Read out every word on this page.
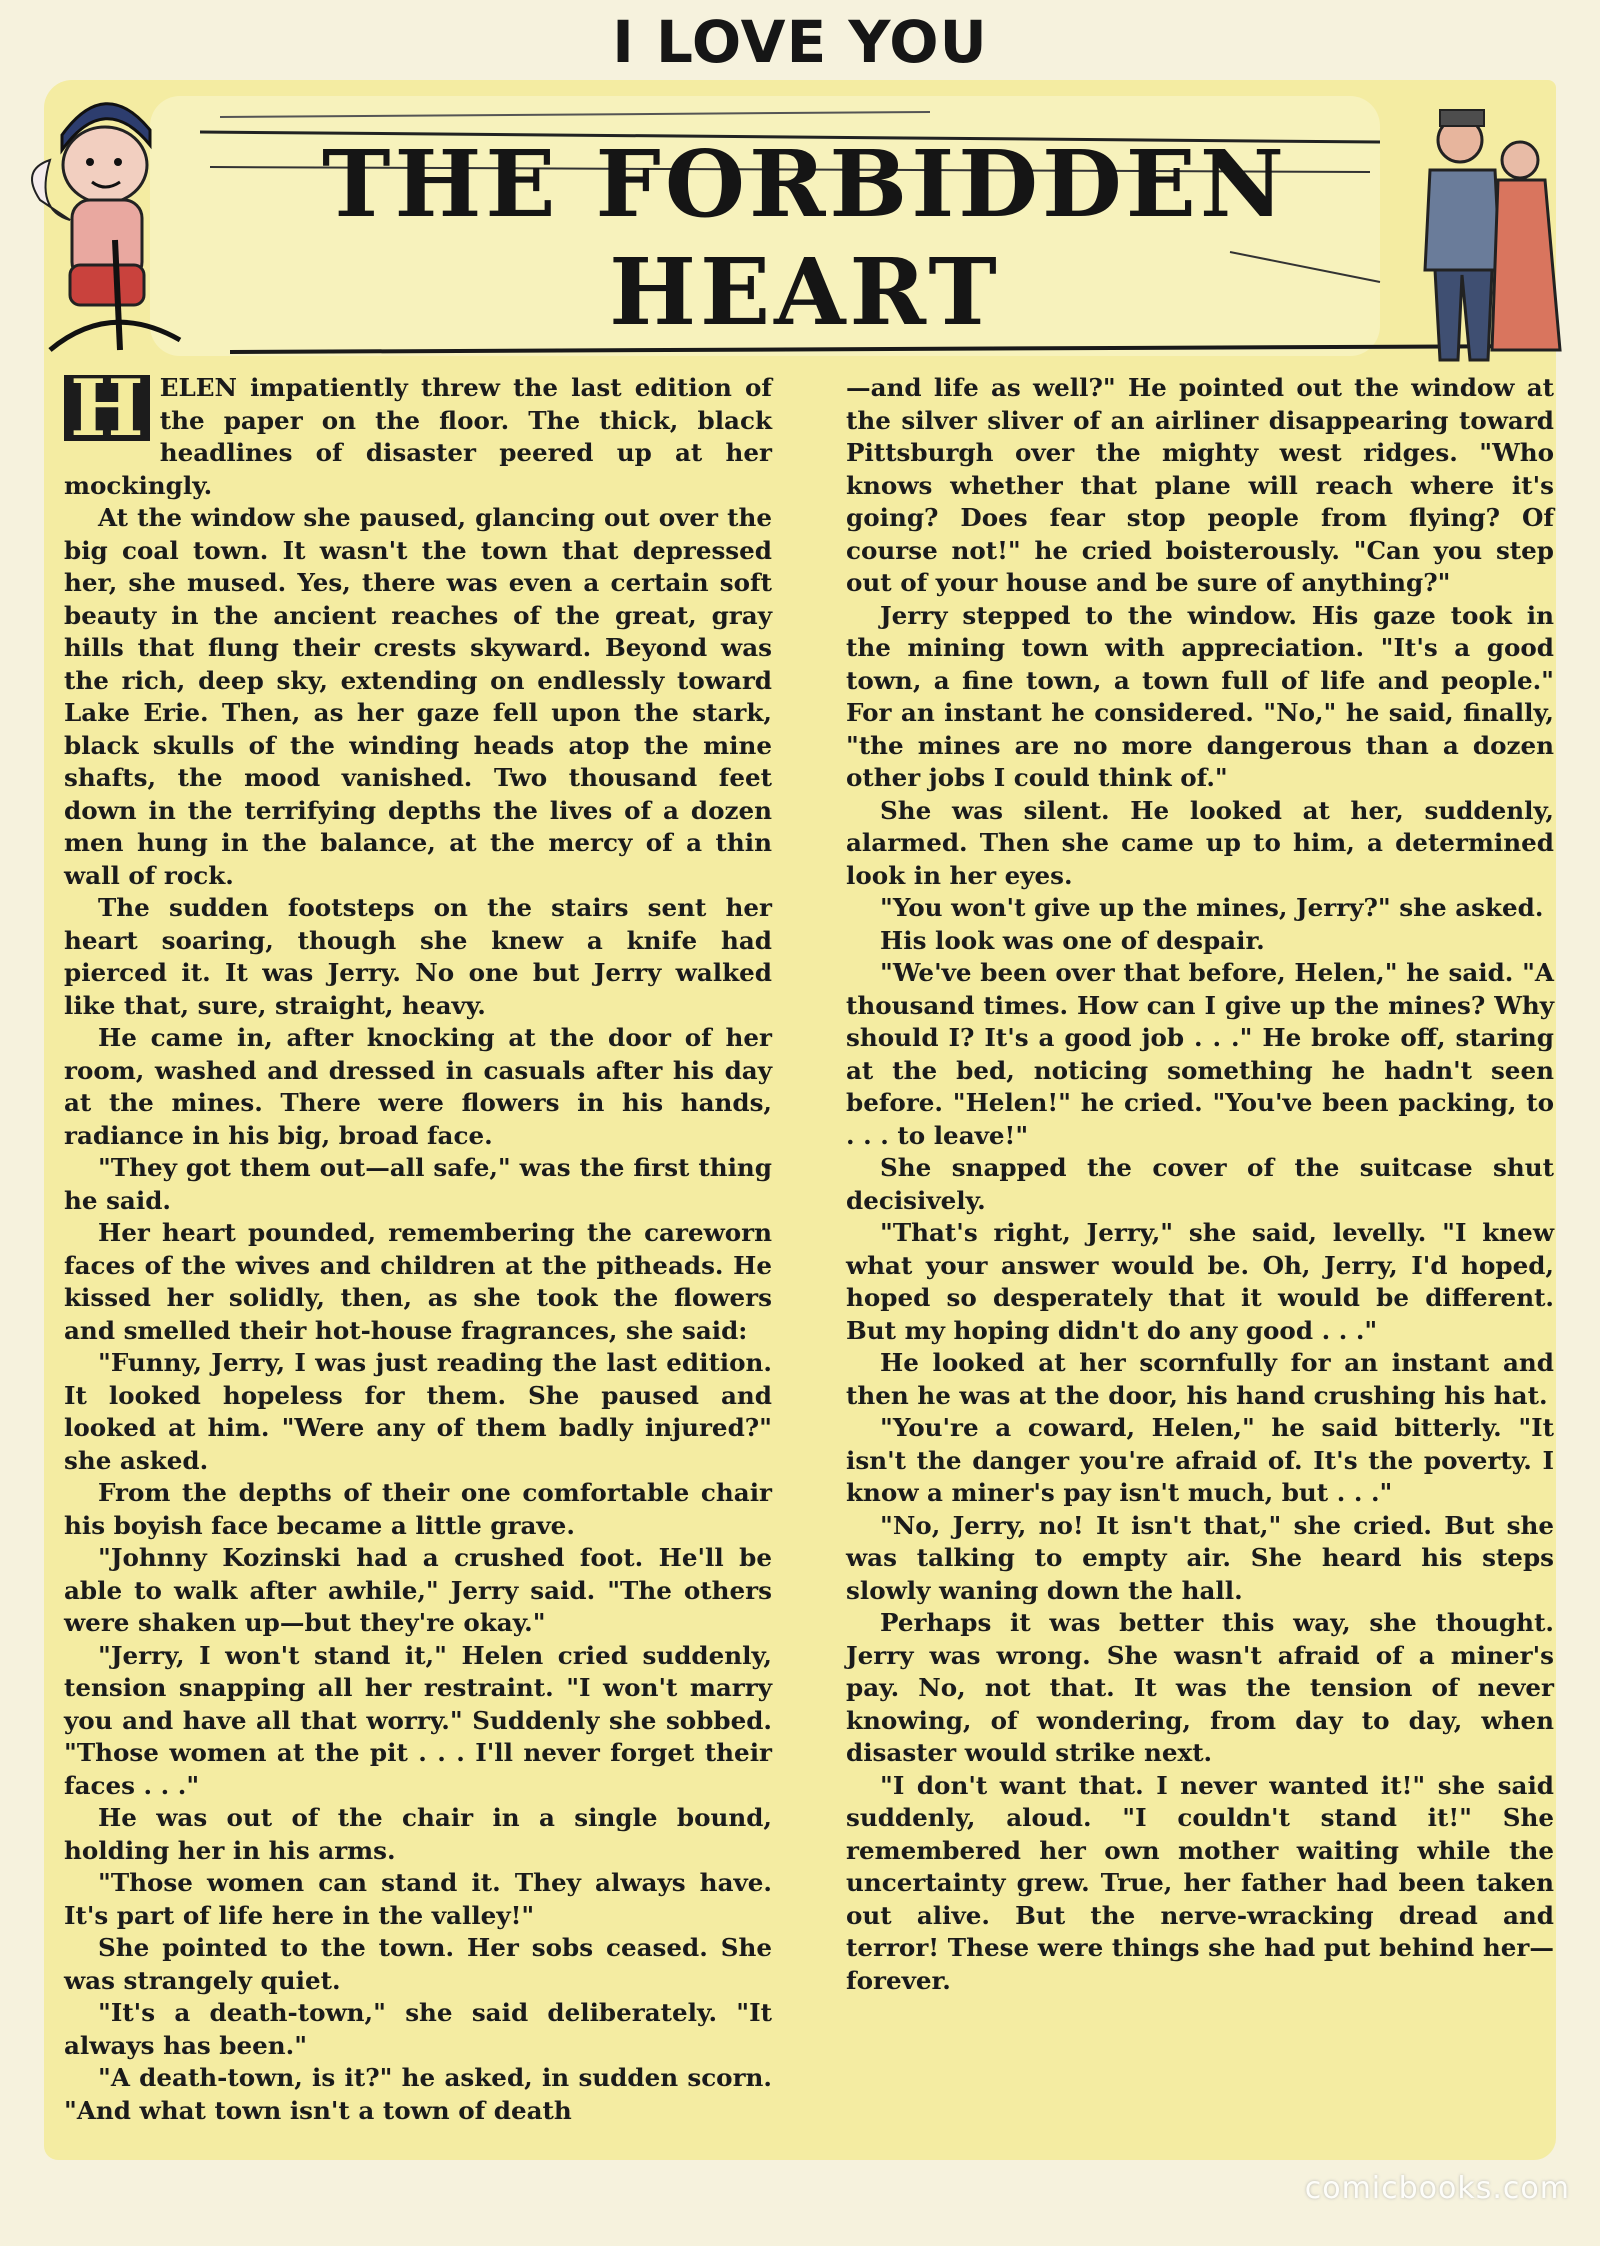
I LOVE YOU
THE FORBIDDEN HEART

H ELEN impatiently threw the last edition of the paper on the floor. The thick, black headlines of disaster peered up at her mockingly.

At the window she paused, glancing out over the big coal town. It wasn't the town that depressed her, she mused. Yes, there was even a certain soft beauty in the ancient reaches of the great, gray hills that flung their crests skyward. Beyond was the rich, deep sky, extending on endlessly toward Lake Erie. Then, as her gaze fell upon the stark, black skulls of the winding heads atop the mine shafts, the mood vanished. Two thousand feet down in the terrifying depths the lives of a dozen men hung in the balance, at the mercy of a thin wall of rock.

The sudden footsteps on the stairs sent her heart soaring, though she knew a knife had pierced it. It was Jerry. No one but Jerry walked like that, sure, straight, heavy.

He came in, after knocking at the door of her room, washed and dressed in casuals after his day at the mines. There were flowers in his hands, radiance in his big, broad face.

"They got them out—all safe," was the first thing he said.

Her heart pounded, remembering the careworn faces of the wives and children at the pitheads. He kissed her solidly, then, as she took the flowers and smelled their hot-house fragrances, she said:

"Funny, Jerry, I was just reading the last edition. It looked hopeless for them. She paused and looked at him. "Were any of them badly injured?" she asked.

From the depths of their one comfortable chair his boyish face became a little grave.

"Johnny Kozinski had a crushed foot. He'll be able to walk after awhile," Jerry said. "The others were shaken up—but they're okay."

"Jerry, I won't stand it," Helen cried suddenly, tension snapping all her restraint. "I won't marry you and have all that worry." Suddenly she sobbed. "Those women at the pit . . . I'll never forget their faces . . ."

He was out of the chair in a single bound, holding her in his arms.

"Those women can stand it. They always have. It's part of life here in the valley!"

She pointed to the town. Her sobs ceased. She was strangely quiet.

"It's a death-town," she said deliberately. "It always has been."

"A death-town, is it?" he asked, in sudden scorn. "And what town isn't a town of death

—and life as well?" He pointed out the window at the silver sliver of an airliner disappearing toward Pittsburgh over the mighty west ridges. "Who knows whether that plane will reach where it's going? Does fear stop people from flying? Of course not!" he cried boisterously. "Can you step out of your house and be sure of anything?"

Jerry stepped to the window. His gaze took in the mining town with appreciation. "It's a good town, a fine town, a town full of life and people." For an instant he considered. "No," he said, finally, "the mines are no more dangerous than a dozen other jobs I could think of."

She was silent. He looked at her, suddenly, alarmed. Then she came up to him, a determined look in her eyes.

"You won't give up the mines, Jerry?" she asked.

His look was one of despair.

"We've been over that before, Helen," he said. "A thousand times. How can I give up the mines? Why should I? It's a good job . . ." He broke off, staring at the bed, noticing something he hadn't seen before. "Helen!" he cried. "You've been packing, to . . . to leave!"

She snapped the cover of the suitcase shut decisively.

"That's right, Jerry," she said, levelly. "I knew what your answer would be. Oh, Jerry, I'd hoped, hoped so desperately that it would be different. But my hoping didn't do any good . . ."

He looked at her scornfully for an instant and then he was at the door, his hand crushing his hat.

"You're a coward, Helen," he said bitterly. "It isn't the danger you're afraid of. It's the poverty. I know a miner's pay isn't much, but . . ."

"No, Jerry, no! It isn't that," she cried. But she was talking to empty air. She heard his steps slowly waning down the hall.

Perhaps it was better this way, she thought. Jerry was wrong. She wasn't afraid of a miner's pay. No, not that. It was the tension of never knowing, of wondering, from day to day, when disaster would strike next.

"I don't want that. I never wanted it!" she said suddenly, aloud. "I couldn't stand it!" She remembered her own mother waiting while the uncertainty grew. True, her father had been taken out alive. But the nerve-wracking dread and terror! These were things she had put behind her—forever.

comicbooks.com
